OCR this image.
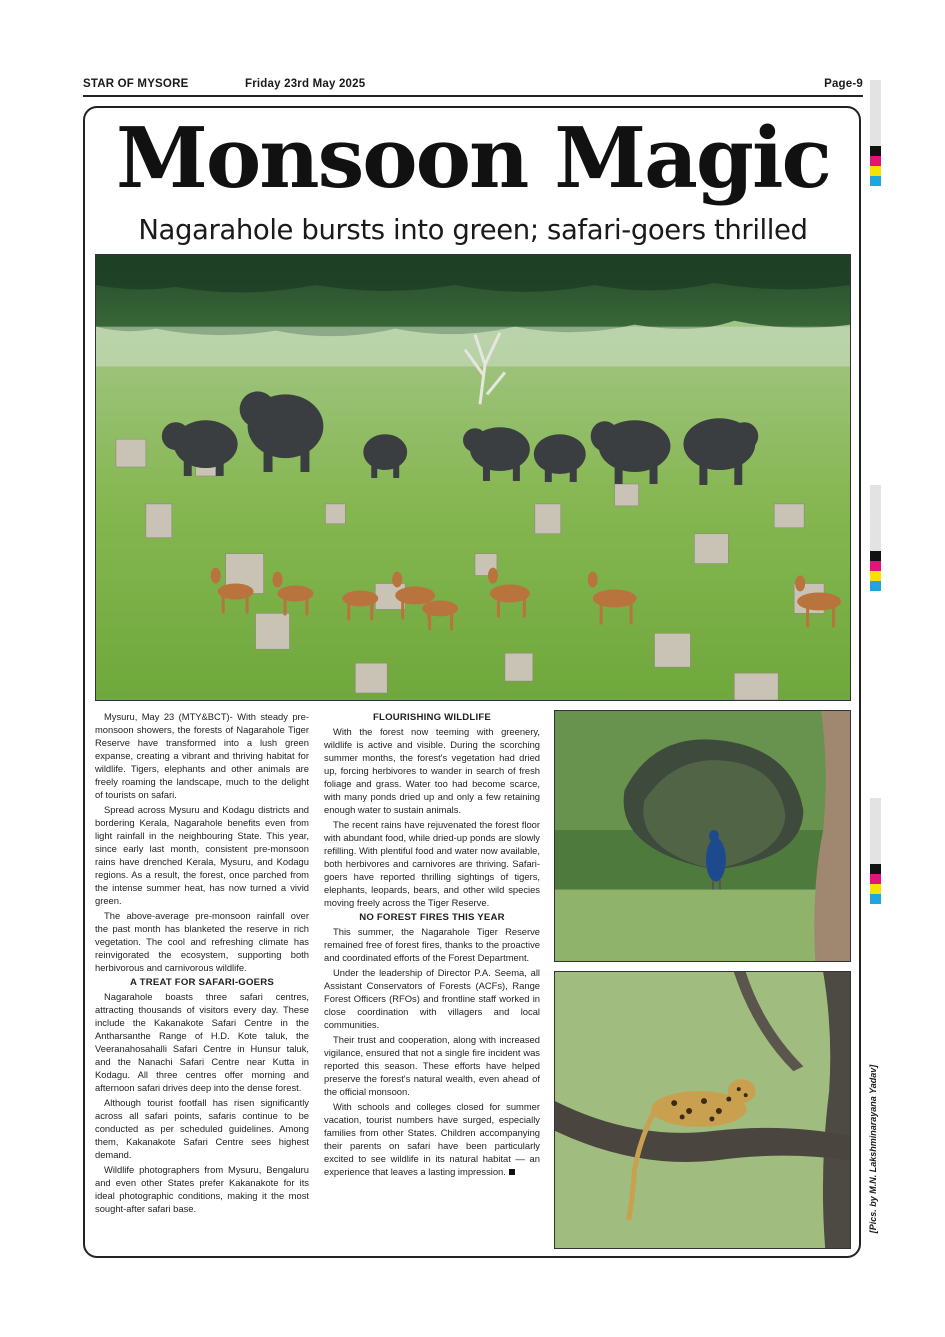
STAR OF MYSORE	Friday 23rd May 2025	Page-9
Monsoon Magic
Nagarahole bursts into green; safari-goers thrilled

Mysuru, May 23 (MTY&BCT)- With steady pre-monsoon showers, the forests of Nagarahole Tiger Reserve have transformed into a lush green expanse, creating a vibrant and thriving habitat for wildlife. Tigers, elephants and other animals are freely roaming the landscape, much to the delight of tourists on safari.

Spread across Mysuru and Kodagu districts and bordering Kerala, Nagarahole benefits even from light rainfall in the neighbouring State. This year, since early last month, consistent pre-monsoon rains have drenched Kerala, Mysuru, and Kodagu regions. As a result, the forest, once parched from the intense summer heat, has now turned a vivid green.

The above-average pre-monsoon rainfall over the past month has blanketed the reserve in rich vegetation. The cool and refreshing climate has reinvigorated the ecosystem, supporting both herbivorous and carnivorous wildlife.

A TREAT FOR SAFARI-GOERS

Nagarahole boasts three safari centres, attracting thousands of visitors every day. These include the Kakanakote Safari Centre in the Antharsanthe Range of H.D. Kote taluk, the Veeranahosahalli Safari Centre in Hunsur taluk, and the Nanachi Safari Centre near Kutta in Kodagu. All three centres offer morning and afternoon safari drives deep into the dense forest.

Although tourist footfall has risen significantly across all safari points, safaris continue to be conducted as per scheduled guidelines. Among them, Kakanakote Safari Centre sees highest demand.

Wildlife photographers from Mysuru, Bengaluru and even other States prefer Kakanakote for its ideal photographic conditions, making it the most sought-after safari base.

FLOURISHING WILDLIFE

With the forest now teeming with greenery, wildlife is active and visible. During the scorching summer months, the forest's vegetation had dried up, forcing herbivores to wander in search of fresh foliage and grass. Water too had become scarce, with many ponds dried up and only a few retaining enough water to sustain animals.

The recent rains have rejuvenated the forest floor with abundant food, while dried-up ponds are slowly refilling. With plentiful food and water now available, both herbivores and carnivores are thriving. Safari-goers have reported thrilling sightings of tigers, elephants, leopards, bears, and other wild species moving freely across the Tiger Reserve.

NO FOREST FIRES THIS YEAR

This summer, the Nagarahole Tiger Reserve remained free of forest fires, thanks to the proactive and coordinated efforts of the Forest Department.

Under the leadership of Director P.A. Seema, all Assistant Conservators of Forests (ACFs), Range Forest Officers (RFOs) and frontline staff worked in close coordination with villagers and local communities.

Their trust and cooperation, along with increased vigilance, ensured that not a single fire incident was reported this season. These efforts have helped preserve the forest's natural wealth, even ahead of the official monsoon.

With schools and colleges closed for summer vacation, tourist numbers have surged, especially families from other States. Children accompanying their parents on safari have been particularly excited to see wildlife in its natural habitat — an experience that leaves a lasting impression.	[Pics. by M.N. Lakshminarayana Yadav]
